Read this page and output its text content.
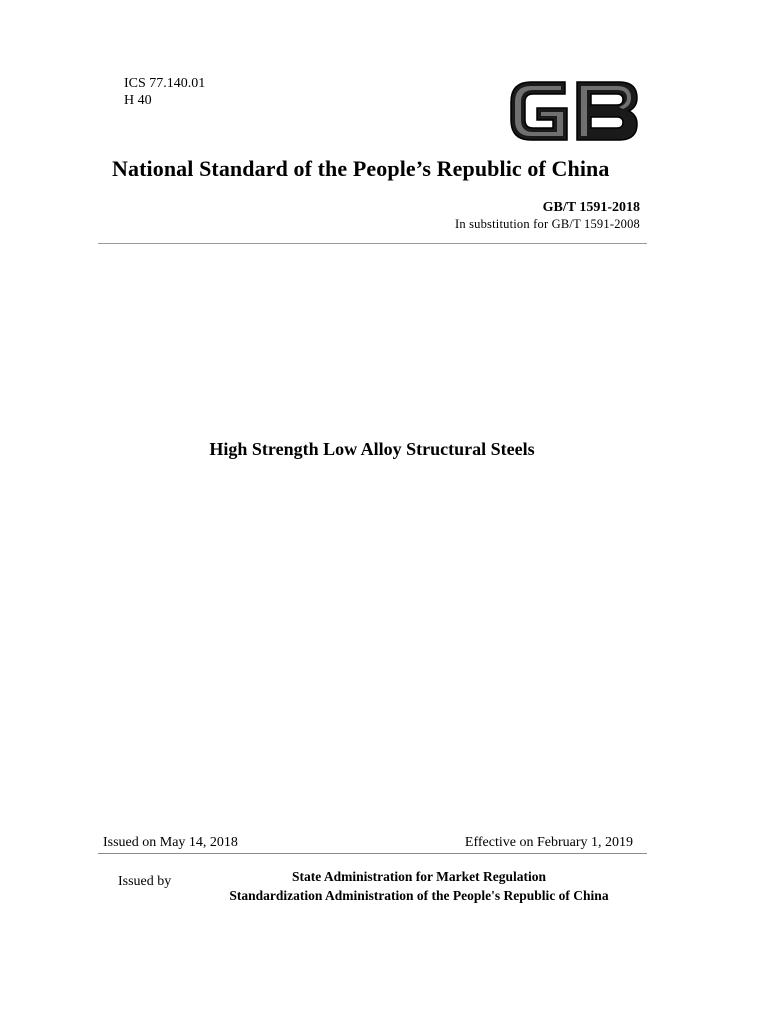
ICS 77.140.01
H 40
National Standard of the People’s Republic of China
GB/T 1591-2018
In substitution for GB/T 1591-2008
High Strength Low Alloy Structural Steels
Issued on May 14, 2018	Effective on February 1, 2019
Issued by	State Administration for Market Regulation
Standardization Administration of the People's Republic of China
